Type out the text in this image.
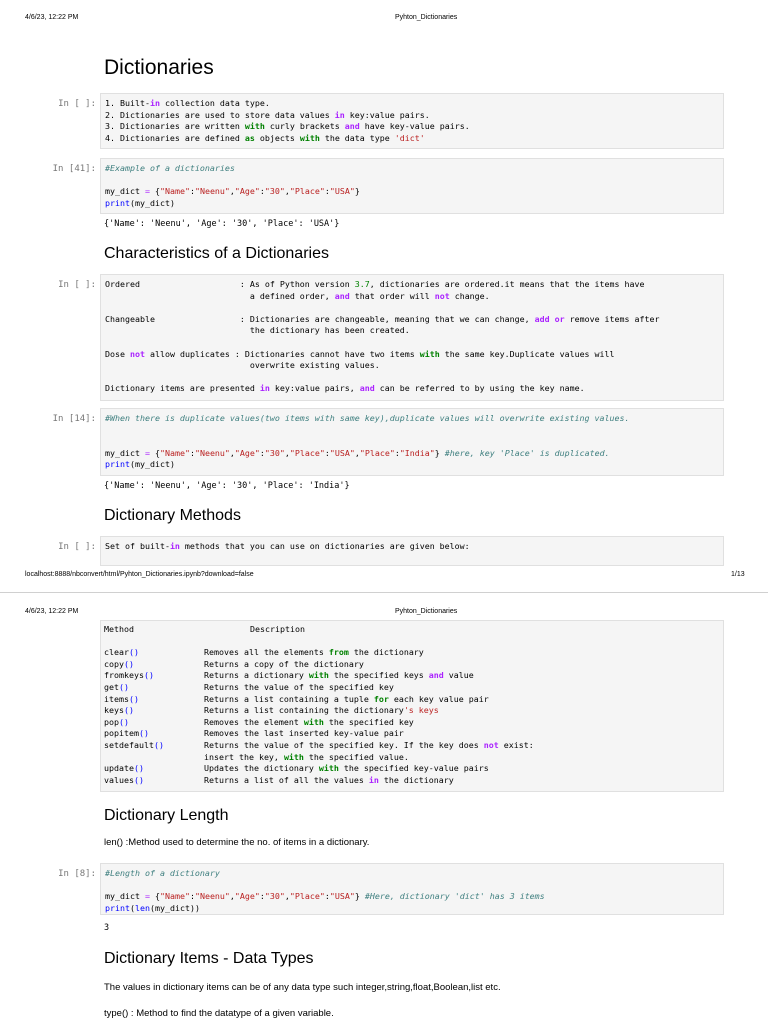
4/6/23, 12:22 PM	Pyhton_Dictionaries
Dictionaries
In [ ]: 1. Built-in collection data type.
2. Dictionaries are used to store data values in key:value pairs.
3. Dictionaries are written with curly brackets and have key-value pairs.
4. Dictionaries are defined as objects with the data type 'dict'
In [41]: #Example of a dictionaries

my_dict = {"Name":"Neenu","Age":"30","Place":"USA"}
print(my_dict)
{'Name': 'Neenu', 'Age': '30', 'Place': 'USA'}
Characteristics of a Dictionaries
In [ ]: Ordered                    : As of Python version 3.7, dictionaries are ordered.it means that the items have
a defined order, and that order will not change.

Changeable                 : Dictionaries are changeable, meaning that we can change, add or remove items after
the dictionary has been created.

Dose not allow duplicates : Dictionaries cannot have two items with the same key.Duplicate values will
overwrite existing values.

Dictionary items are presented in key:value pairs, and can be referred to by using the key name.
In [14]: #When there is duplicate values(two items with same key),duplicate values will overwrite existing values.

my_dict = {"Name":"Neenu","Age":"30","Place":"USA","Place":"India"} #here, key 'Place' is duplicated.
print(my_dict)
{'Name': 'Neenu', 'Age': '30', 'Place': 'India'}
Dictionary Methods
In [ ]: Set of built-in methods that you can use on dictionaries are given below:
localhost:8888/nbconvert/html/Pyhton_Dictionaries.ipynb?download=false	1/13
4/6/23, 12:22 PM	Pyhton_Dictionaries
Method	Description
clear()	Removes all the elements from the dictionary
copy()	Returns a copy of the dictionary
fromkeys()	Returns a dictionary with the specified keys and value
get()	Returns the value of the specified key
items()	Returns a list containing a tuple for each key value pair
keys()	Returns a list containing the dictionary's keys
pop()	Removes the element with the specified key
popitem()	Removes the last inserted key-value pair
setdefault()	Returns the value of the specified key. If the key does not exist:
insert the key, with the specified value.
update()	Updates the dictionary with the specified key-value pairs
values()	Returns a list of all the values in the dictionary
Dictionary Length
len() :Method used to determine the no. of items in a dictionary.
In [8]: #Length of a dictionary

my_dict = {"Name":"Neenu","Age":"30","Place":"USA"} #Here, dictionary 'dict' has 3 items
print(len(my_dict))
3
Dictionary Items - Data Types
The values in dictionary items can be of any data type such integer,string,float,Boolean,list etc.
type() : Method to find the datatype of a given variable.
